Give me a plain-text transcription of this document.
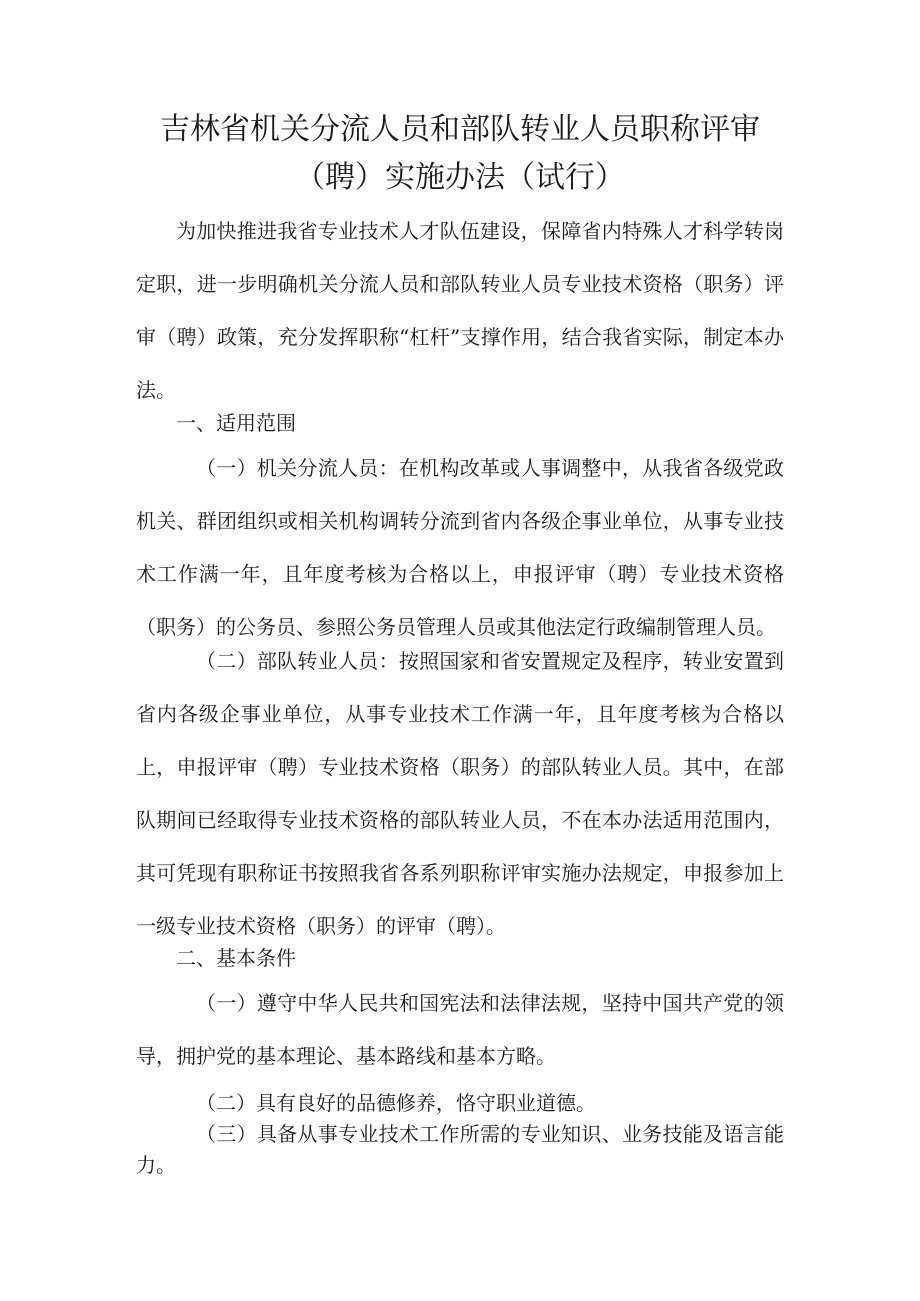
吉林省机关分流人员和部队转业人员职称评审
（聘）实施办法（试行）

为加快推进我省专业技术人才队伍建设，保障省内特殊人才科学转岗定职，进一步明确机关分流人员和部队转业人员专业技术资格（职务）评审（聘）政策，充分发挥职称“杠杆”支撑作用，结合我省实际，制定本办法。

一、适用范围

（一）机关分流人员：在机构改革或人事调整中，从我省各级党政机关、群团组织或相关机构调转分流到省内各级企事业单位，从事专业技术工作满一年，且年度考核为合格以上，申报评审（聘）专业技术资格（职务）的公务员、参照公务员管理人员或其他法定行政编制管理人员。

（二）部队转业人员：按照国家和省安置规定及程序，转业安置到省内各级企事业单位，从事专业技术工作满一年，且年度考核为合格以上，申报评审（聘）专业技术资格（职务）的部队转业人员。其中，在部队期间已经取得专业技术资格的部队转业人员，不在本办法适用范围内，其可凭现有职称证书按照我省各系列职称评审实施办法规定，申报参加上一级专业技术资格（职务）的评审（聘）。

二、基本条件

（一）遵守中华人民共和国宪法和法律法规，坚持中国共产党的领导，拥护党的基本理论、基本路线和基本方略。

（二）具有良好的品德修养，恪守职业道德。

（三）具备从事专业技术工作所需的专业知识、业务技能及语言能力。
